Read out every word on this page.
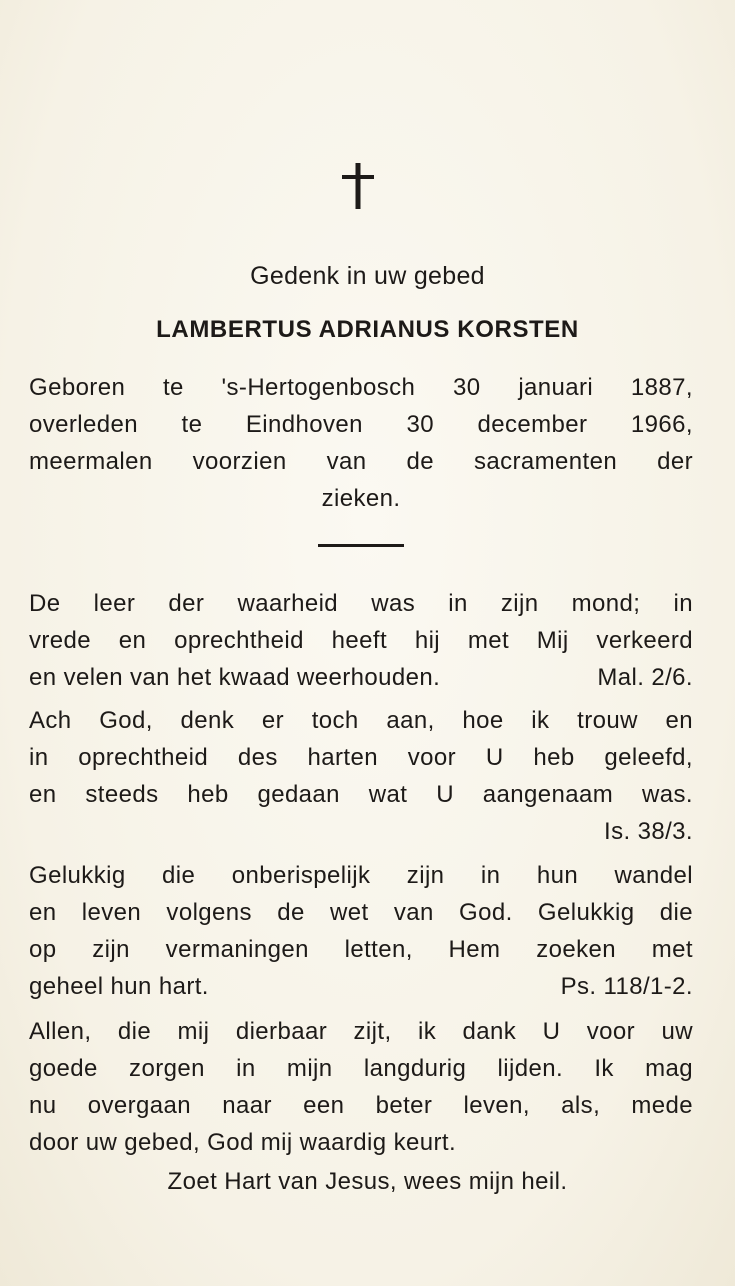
Gedenk in uw gebed
LAMBERTUS ADRIANUS KORSTEN
Geboren te 's-Hertogenbosch 30 januari 1887,
overleden te Eindhoven 30 december 1966,
meermalen voorzien van de sacramenten der
zieken.
De leer der waarheid was in zijn mond; in
vrede en oprechtheid heeft hij met Mij verkeerd
en velen van het kwaad weerhouden.	Mal. 2/6.
Ach God, denk er toch aan, hoe ik trouw en
in oprechtheid des harten voor U heb geleefd,
en steeds heb gedaan wat U aangenaam was.
Is. 38/3.
Gelukkig die onberispelijk zijn in hun wandel
en leven volgens de wet van God. Gelukkig die
op zijn vermaningen letten, Hem zoeken met
geheel hun hart.	Ps. 118/1-2.
Allen, die mij dierbaar zijt, ik dank U voor uw
goede zorgen in mijn langdurig lijden. Ik mag
nu overgaan naar een beter leven, als, mede
door uw gebed, God mij waardig keurt.
Zoet Hart van Jesus, wees mijn heil.
